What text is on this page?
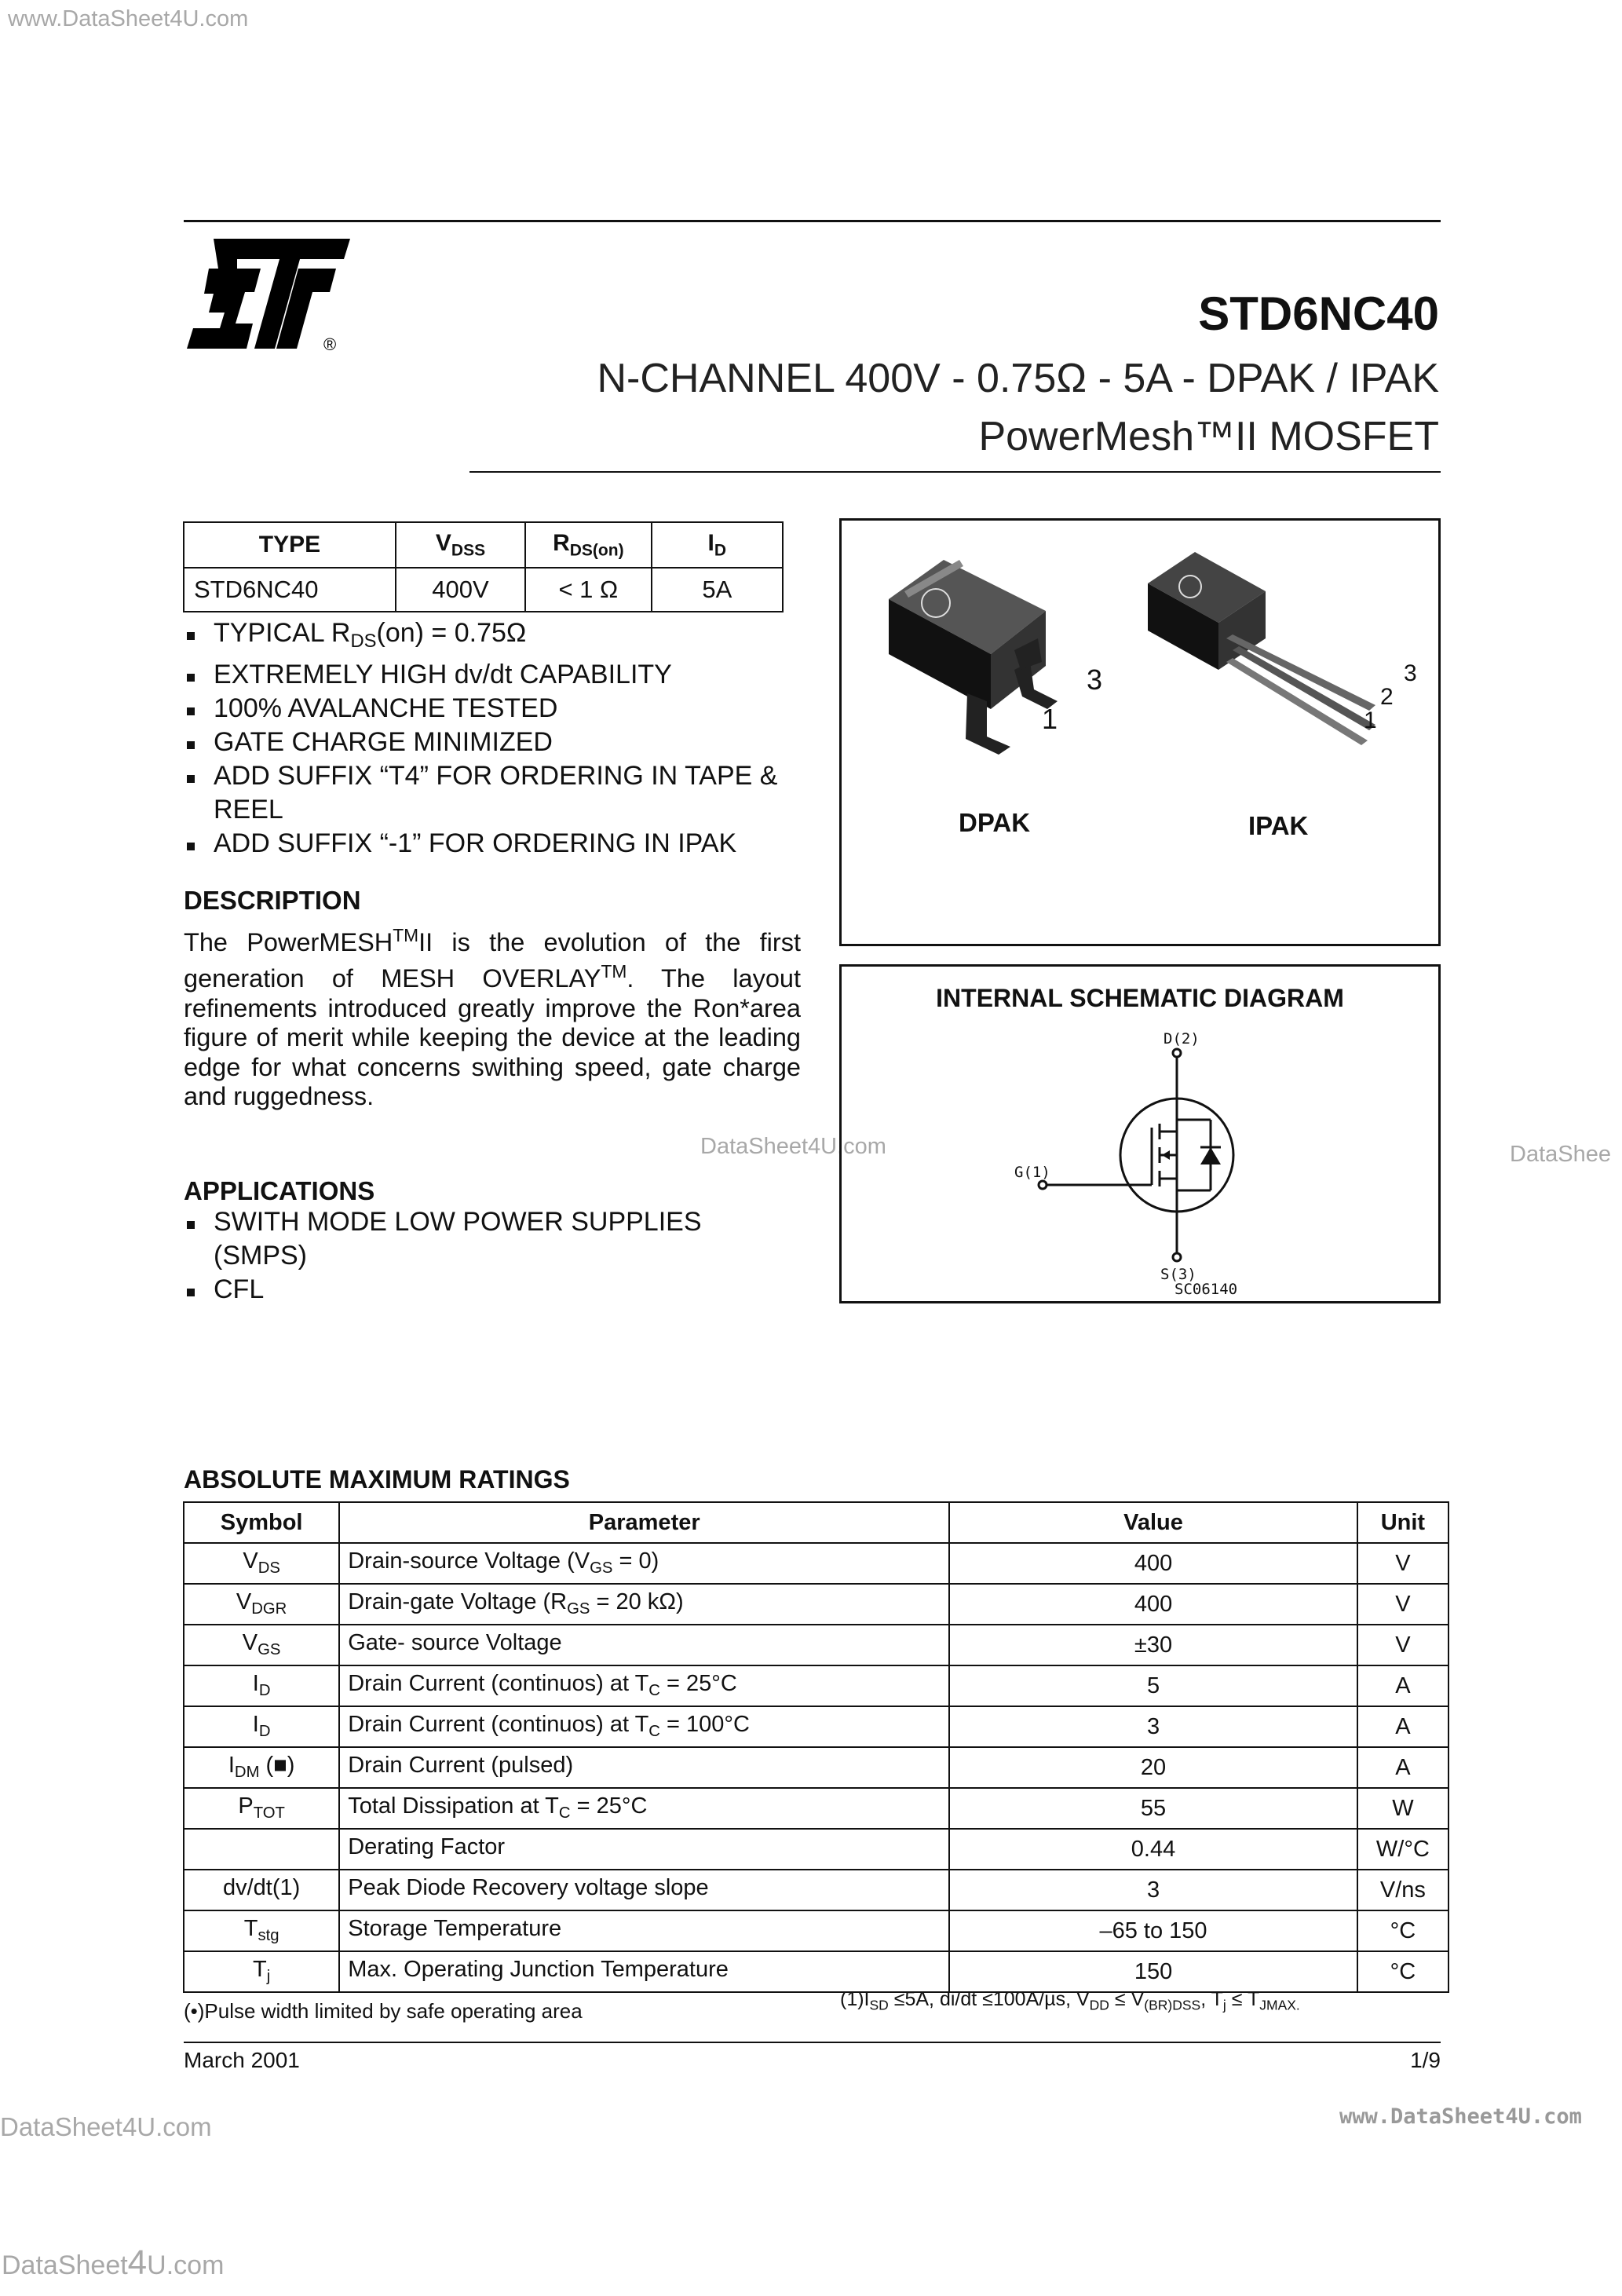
www.DataSheet4U.com
DataSheet4U.com	DataShee
DataSheet4U.com	www.DataSheet4U.com
DataSheet4U.com
®
STD6NC40
N-CHANNEL 400V - 0.75Ω - 5A - DPAK / IPAK
PowerMesh™II MOSFET
TYPE	$V_{DSS}$	$R_{DS(on)}$	$I_D$
STD6NC40	400V	< 1 Ω	5A
TYPICAL $R_{DS}(on) = 0.75\Omega$
EXTREMELY HIGH dv/dt CAPABILITY
100% AVALANCHE TESTED
GATE CHARGE MINIMIZED
ADD SUFFIX “T4” FOR ORDERING IN TAPE & REEL
ADD SUFFIX “-1” FOR ORDERING IN IPAK
3
1
3
2
1
DPAK	IPAK
DESCRIPTION
The PowerMESH™II is the evolution of the first generation of MESH OVERLAY™. The layout refinements introduced greatly improve the Ron*area figure of merit while keeping the device at the leading edge for what concerns swithing speed, gate charge and ruggedness.
INTERNAL SCHEMATIC DIAGRAM
D(2)
G(1)
S(3)
SC06140
APPLICATIONS
SWITH MODE LOW POWER SUPPLIES (SMPS)
CFL
ABSOLUTE MAXIMUM RATINGS
Symbol	Parameter	Value	Unit
$V_{DS}$	Drain-source Voltage $(V_{GS} = 0)$	400	V
$V_{DGR}$	Drain-gate Voltage ($R_{GS} = 20$ kΩ)	400	V
$V_{GS}$	Gate- source Voltage	±30	V
$I_D$	Drain Current (continuos) at $T_C = 25^\circ C$	5	A
$I_D$	Drain Current (continuos) at $T_C = 100^\circ C$	3	A
$I_{DM}$ (■)	Drain Current (pulsed)	20	A
$P_{TOT}$	Total Dissipation at $T_C = 25^\circ C$	55	W
	Derating Factor	0.44	W/°C
dv/dt(1)	Peak Diode Recovery voltage slope	3	V/ns
$T_{stg}$	Storage Temperature	–65 to 150	°C
$T_j$	Max. Operating Junction Temperature	150	°C
(•)Pulse width limited by safe operating area	$(1)I_{SD} \le 5A$, di/dt ≤100A/µs, $V_{DD} \le V_{(BR)DSS}$, $T_j \le T_{JMAX.}$
March 2001	1/9
